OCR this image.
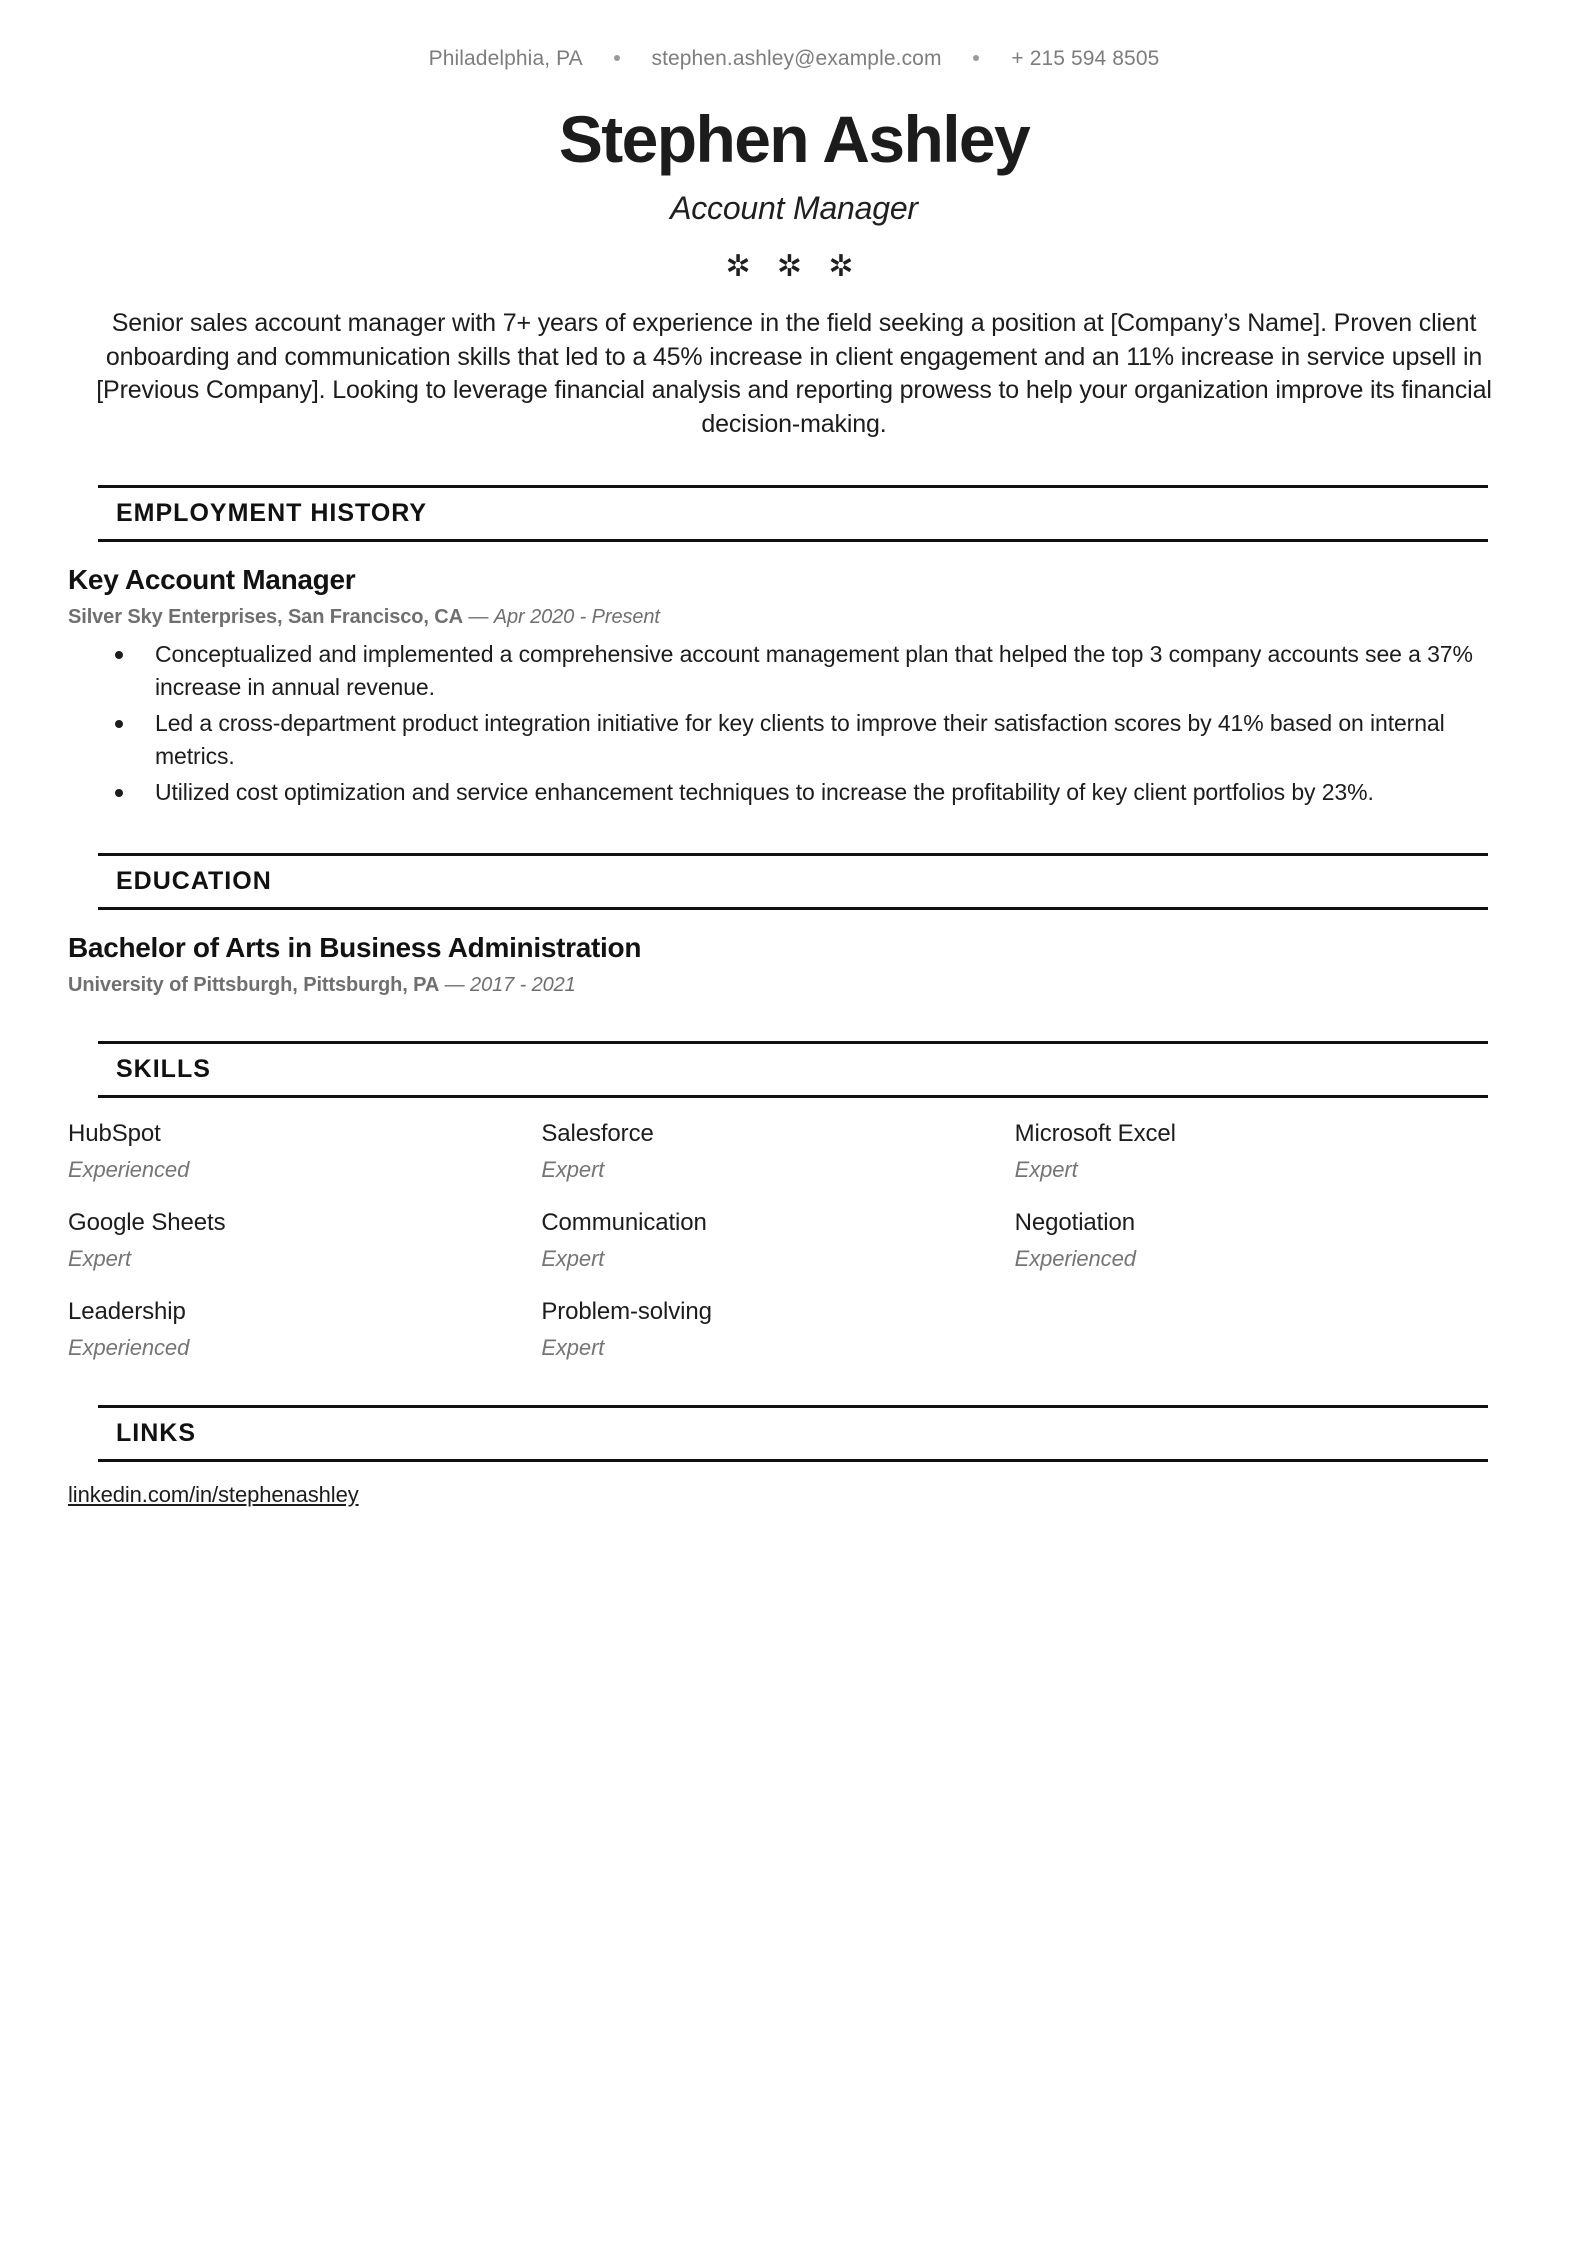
Philadelphia, PA	stephen.ashley@example.com	+ 215 594 8505
Stephen Ashley
Account Manager
✲ ✲ ✲
Senior sales account manager with 7+ years of experience in the field seeking a position at [Company’s Name]. Proven client onboarding and communication skills that led to a 45% increase in client engagement and an 11% increase in service upsell in [Previous Company]. Looking to leverage financial analysis and reporting prowess to help your organization improve its financial decision-making.
EMPLOYMENT HISTORY
Key Account Manager
Silver Sky Enterprises, San Francisco, CA — Apr 2020 - Present
Conceptualized and implemented a comprehensive account management plan that helped the top 3 company accounts see a 37% increase in annual revenue.
Led a cross-department product integration initiative for key clients to improve their satisfaction scores by 41% based on internal metrics.
Utilized cost optimization and service enhancement techniques to increase the profitability of key client portfolios by 23%.
EDUCATION
Bachelor of Arts in Business Administration
University of Pittsburgh, Pittsburgh, PA — 2017 - 2021
SKILLS
HubSpot
Experienced
Salesforce
Expert
Microsoft Excel
Expert
Google Sheets
Expert
Communication
Expert
Negotiation
Experienced
Leadership
Experienced
Problem-solving
Expert
LINKS
linkedin.com/in/stephenashley
